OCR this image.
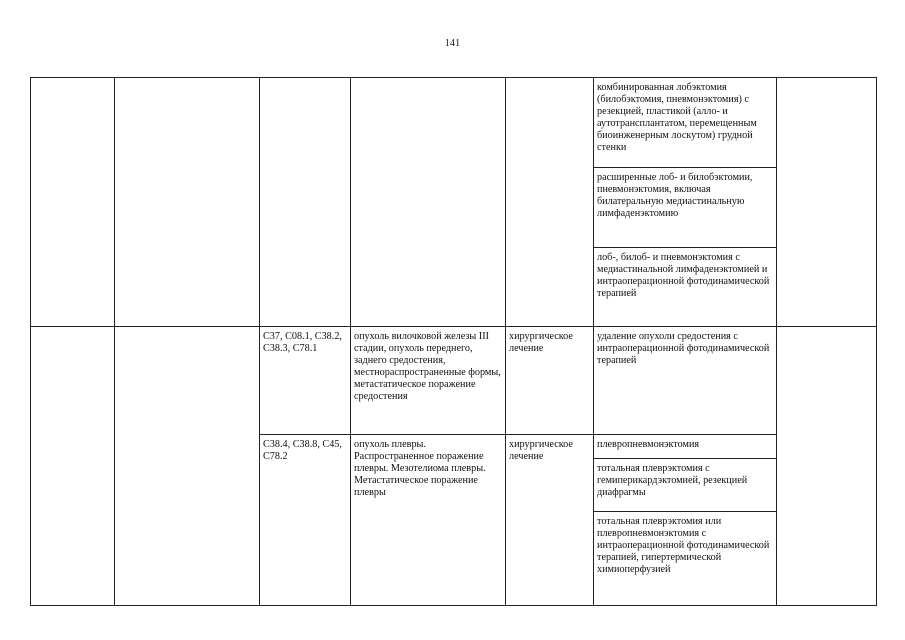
141
					комбинированная лобэктомия (билобэктомия, пневмонэктомия) с резекцией, пластикой (алло- и аутотрансплантатом, перемещенным биоинженерным лоскутом) грудной стенки	
					расширенные лоб- и билобэктомии, пневмонэктомия, включая билатеральную медиастинальную лимфаденэктомию	
					лоб-, билоб- и пневмонэктомия с медиастинальной лимфаденэктомией и интраоперационной фотодинамической терапией	
		C37, C08.1, C38.2, C38.3, C78.1	опухоль вилочковой железы III стадии, опухоль переднего, заднего средостения, местнораспространенные формы, метастатическое поражение средостения	хирургическое лечение	удаление опухоли средостения с интраоперационной фотодинамической терапией	
		C38.4, C38.8, C45, C78.2	опухоль плевры. Распространенное поражение плевры. Мезотелиома плевры. Метастатическое поражение плевры	хирургическое лечение	плевропневмонэктомия	
					тотальная плеврэктомия с гемиперикардэктомией, резекцией диафрагмы	
					тотальная плеврэктомия или плевропневмонэктомия с интраоперационной фотодинамической терапией, гипертермической химиоперфузией	
